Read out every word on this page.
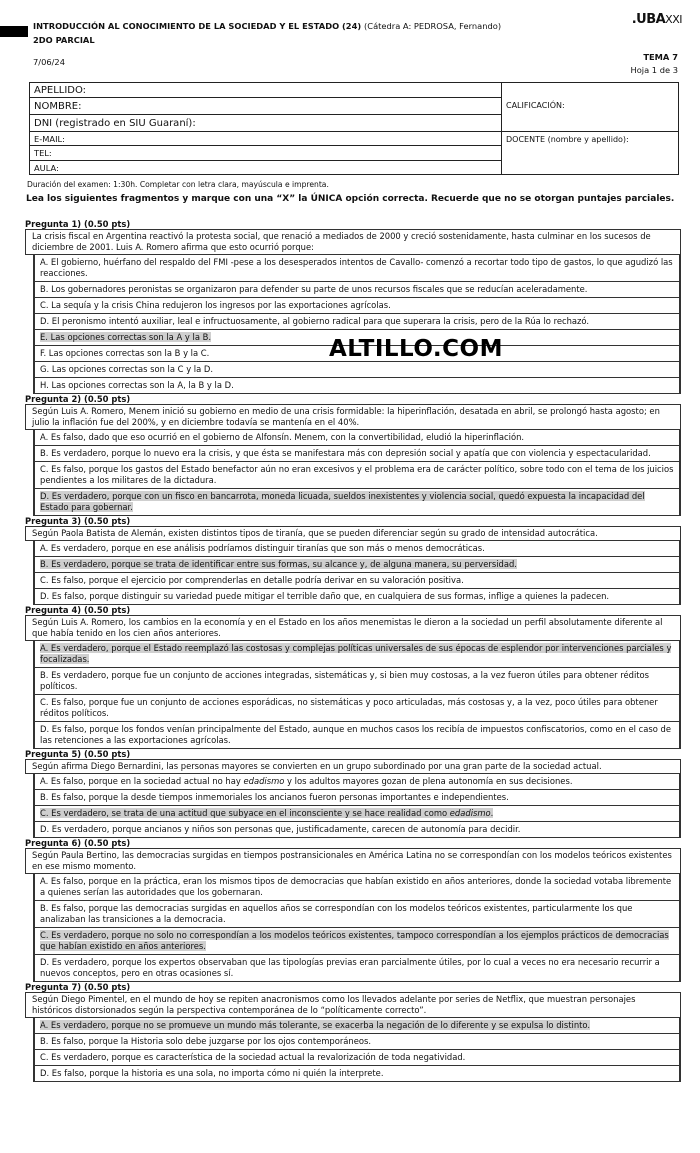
INTRODUCCIÓN AL CONOCIMIENTO DE LA SOCIEDAD Y EL ESTADO (24) (Cátedra A: PEDROSA, Fernando)
2DO PARCIAL
7/06/24
.UBAXXI
TEMA 7
Hoja 1 de 3
APELLIDO:	CALIFICACIÓN:

NOMBRE:	
DNI (registrado en SIU Guaraní):	
E-MAIL:	DOCENTE (nombre y apellido):

TEL:	
AULA:	
Duración del examen: 1:30h. Completar con letra clara, mayúscula e imprenta.
Lea los siguientes fragmentos y marque con una “X” la ÚNICA opción correcta. Recuerde que no se otorgan puntajes parciales.
Pregunta 1) (0.50 pts)
La crisis fiscal en Argentina reactivó la protesta social, que renació a mediados de 2000 y creció sostenidamente, hasta culminar en los sucesos de diciembre de 2001. Luis A. Romero afirma que esto ocurrió porque:
A. El gobierno, huérfano del respaldo del FMI -pese a los desesperados intentos de Cavallo- comenzó a recortar todo tipo de gastos, lo que agudizó las reacciones.
B. Los gobernadores peronistas se organizaron para defender su parte de unos recursos fiscales que se reducían aceleradamente.
C. La sequía y la crisis China redujeron los ingresos por las exportaciones agrícolas.
D. El peronismo intentó auxiliar, leal e infructuosamente, al gobierno radical para que superara la crisis, pero de la Rúa lo rechazó.
E. Las opciones correctas son la A y la B.
F. Las opciones correctas son la B y la C.
G. Las opciones correctas son la C y la D.
H. Las opciones correctas son la A, la B y la D.
Pregunta 2) (0.50 pts)
Según Luis A. Romero, Menem inició su gobierno en medio de una crisis formidable: la hiperinflación, desatada en abril, se prolongó hasta agosto; en julio la inflación fue del 200%, y en diciembre todavía se mantenía en el 40%.
A. Es falso, dado que eso ocurrió en el gobierno de Alfonsín. Menem, con la convertibilidad, eludió la hiperinflación.
B. Es verdadero, porque lo nuevo era la crisis, y que ésta se manifestara más con depresión social y apatía que con violencia y espectacularidad.
C. Es falso, porque los gastos del Estado benefactor aún no eran excesivos y el problema era de carácter político, sobre todo con el tema de los juicios pendientes a los militares de la dictadura.
D. Es verdadero, porque con un fisco en bancarrota, moneda licuada, sueldos inexistentes y violencia social, quedó expuesta la incapacidad del Estado para gobernar.
Pregunta 3) (0.50 pts)
Según Paola Batista de Alemán, existen distintos tipos de tiranía, que se pueden diferenciar según su grado de intensidad autocrática.
A. Es verdadero, porque en ese análisis podríamos distinguir tiranías que son más o menos democráticas.
B. Es verdadero, porque se trata de identificar entre sus formas, su alcance y, de alguna manera, su perversidad.
C. Es falso, porque el ejercicio por comprenderlas en detalle podría derivar en su valoración positiva.
D. Es falso, porque distinguir su variedad puede mitigar el terrible daño que, en cualquiera de sus formas, inflige a quienes la padecen.
Pregunta 4) (0.50 pts)
Según Luis A. Romero, los cambios en la economía y en el Estado en los años menemistas le dieron a la sociedad un perfil absolutamente diferente al que había tenido en los cien años anteriores.
A. Es verdadero, porque el Estado reemplazó las costosas y complejas políticas universales de sus épocas de esplendor por intervenciones parciales y focalizadas.
B. Es verdadero, porque fue un conjunto de acciones integradas, sistemáticas y, si bien muy costosas, a la vez fueron útiles para obtener réditos políticos.
C. Es falso, porque fue un conjunto de acciones esporádicas, no sistemáticas y poco articuladas, más costosas y, a la vez, poco útiles para obtener réditos políticos.
D. Es falso, porque los fondos venían principalmente del Estado, aunque en muchos casos los recibía de impuestos confiscatorios, como en el caso de las retenciones a las exportaciones agrícolas.
Pregunta 5) (0.50 pts)
Según afirma Diego Bernardini, las personas mayores se convierten en un grupo subordinado por una gran parte de la sociedad actual.
A. Es falso, porque en la sociedad actual no hay edadismo y los adultos mayores gozan de plena autonomía en sus decisiones.
B. Es falso, porque la desde tiempos inmemoriales los ancianos fueron personas importantes e independientes.
C. Es verdadero, se trata de una actitud que subyace en el inconsciente y se hace realidad como edadismo.
D. Es verdadero, porque ancianos y niños son personas que, justificadamente, carecen de autonomía para decidir.
Pregunta 6) (0.50 pts)
Según Paula Bertino, las democracias surgidas en tiempos postransicionales en América Latina no se correspondían con los modelos teóricos existentes en ese mismo momento.
A. Es falso, porque en la práctica, eran los mismos tipos de democracias que habían existido en años anteriores, donde la sociedad votaba libremente a quienes serían las autoridades que los gobernaran.
B. Es falso, porque las democracias surgidas en aquellos años se correspondían con los modelos teóricos existentes, particularmente los que analizaban las transiciones a la democracia.
C. Es verdadero, porque no solo no correspondían a los modelos teóricos existentes, tampoco correspondían a los ejemplos prácticos de democracias que habían existido en años anteriores.
D. Es verdadero, porque los expertos observaban que las tipologías previas eran parcialmente útiles, por lo cual a veces no era necesario recurrir a nuevos conceptos, pero en otras ocasiones sí.
Pregunta 7) (0.50 pts)
Según Diego Pimentel, en el mundo de hoy se repiten anacronismos como los llevados adelante por series de Netflix, que muestran personajes históricos distorsionados según la perspectiva contemporánea de lo “políticamente correcto”.
A. Es verdadero, porque no se promueve un mundo más tolerante, se exacerba la negación de lo diferente y se expulsa lo distinto.
B. Es falso, porque la Historia solo debe juzgarse por los ojos contemporáneos.
C. Es verdadero, porque es característica de la sociedad actual la revalorización de toda negatividad.
D. Es falso, porque la historia es una sola, no importa cómo ni quién la interprete.
ALTILLO.COM
